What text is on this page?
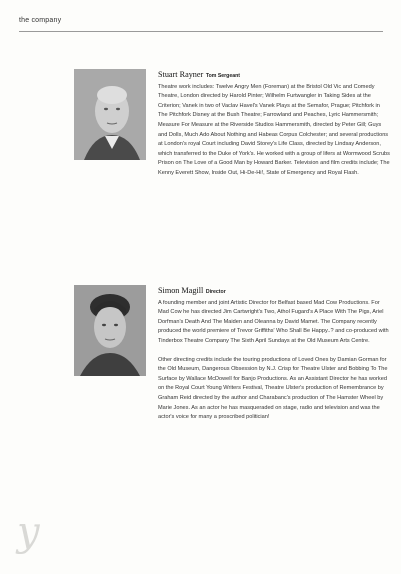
the company
Stuart Rayner Tom Sergeant

Theatre work includes: Twelve Angry Men (Foreman) at the Bristol Old Vic and Comedy Theatre, London directed by Harold Pinter; Wilhelm Furtwangler in Taking Sides at the Criterion; Vanek in two of Vaclav Havel's Vanek Plays at the Semafor, Prague; Pitchfork in The Pitchfork Disney at the Bush Theatre; Farrowland and Peaches, Lyric Hammersmith; Measure For Measure at the Riverside Studios Hammersmith, directed by Peter Gill; Guys and Dolls, Much Ado About Nothing and Habeas Corpus Colchester; and several productions at London's royal Court including David Storey's Life Class, directed by Lindsay Anderson, which transferred to the Duke of York's. He worked with a group of lifers at Wormwood Scrubs Prison on The Love of a Good Man by Howard Barker. Television and film credits include; The Kenny Everett Show, Inside Out, Hi-De-Hi!, State of Emergency and Royal Flash.

Simon Magill Director

A founding member and joint Artistic Director for Belfast based Mad Cow Productions. For Mad Cow he has directed Jim Cartwright's Two, Athol Fugard's A Place With The Pigs, Ariel Dorfman's Death And The Maiden and Oleanna by David Mamet. The Company recently produced the world premiere of Trevor Griffiths' Who Shall Be Happy..? and co-produced with Tinderbox Theatre Company The Sixth April Sundays at the Old Museum Arts Centre.

Other directing credits include the touring productions of Loved Ones by Damian Gorman for the Old Museum, Dangerous Obsession by N.J. Crisp for Theatre Ulster and Bobbing To The Surface by Wallace McDowell for Banjo Productions. As an Assistant Director he has worked on the Royal Court Young Writers Festival, Theatre Ulster's production of Remembrance by Graham Reid directed by the author and Charabanc's production of The Hamster Wheel by Marie Jones. As an actor he has masqueraded on stage, radio and television and was the actor's voice for many a proscribed politician!

y
